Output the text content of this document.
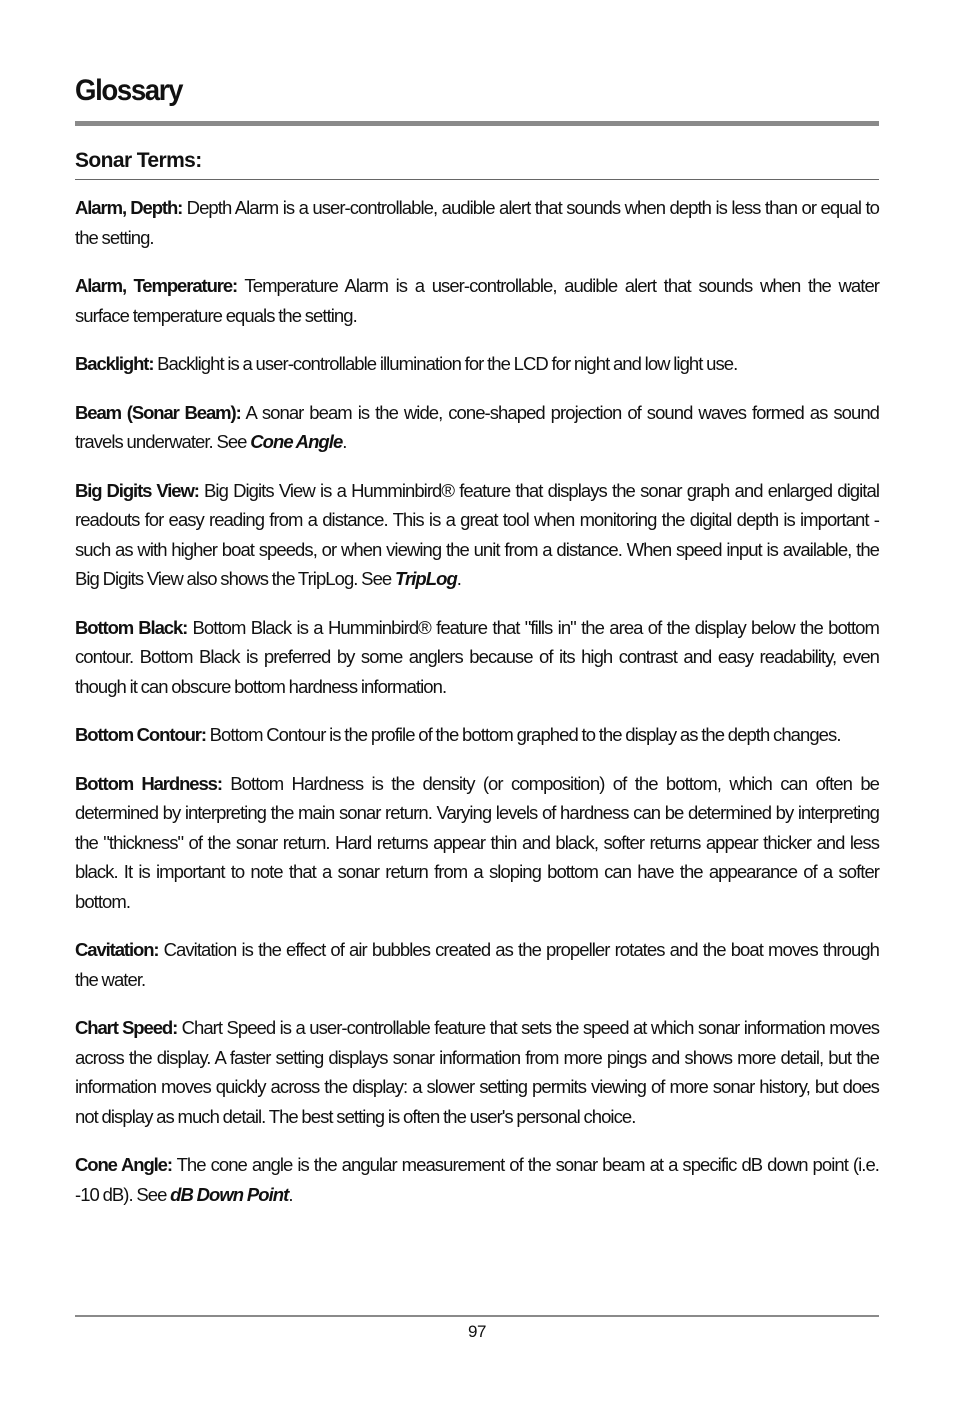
Glossary
Sonar Terms:

Alarm, Depth: Depth Alarm is a user-controllable, audible alert that sounds when depth is less than or equal to the setting.

Alarm, Temperature: Temperature Alarm is a user-controllable, audible alert that sounds when the water surface temperature equals the setting.

Backlight: Backlight is a user-controllable illumination for the LCD for night and low light use.

Beam (Sonar Beam): A sonar beam is the wide, cone-shaped projection of sound waves formed as sound travels underwater. See Cone Angle.

Big Digits View: Big Digits View is a Humminbird® feature that displays the sonar graph and enlarged digital readouts for easy reading from a distance. This is a great tool when monitoring the digital depth is important - such as with higher boat speeds, or when viewing the unit from a distance. When speed input is available, the Big Digits View also shows the TripLog. See TripLog.

Bottom Black: Bottom Black is a Humminbird® feature that "fills in" the area of the display below the bottom contour. Bottom Black is preferred by some anglers because of its high contrast and easy readability, even though it can obscure bottom hardness information.

Bottom Contour: Bottom Contour is the profile of the bottom graphed to the display as the depth changes.

Bottom Hardness: Bottom Hardness is the density (or composition) of the bottom, which can often be determined by interpreting the main sonar return. Varying levels of hardness can be determined by interpreting the "thickness" of the sonar return. Hard returns appear thin and black, softer returns appear thicker and less black. It is important to note that a sonar return from a sloping bottom can have the appearance of a softer bottom.

Cavitation: Cavitation is the effect of air bubbles created as the propeller rotates and the boat moves through the water.

Chart Speed: Chart Speed is a user-controllable feature that sets the speed at which sonar information moves across the display. A faster setting displays sonar information from more pings and shows more detail, but the information moves quickly across the display: a slower setting permits viewing of more sonar history, but does not display as much detail. The best setting is often the user's personal choice.

Cone Angle: The cone angle is the angular measurement of the sonar beam at a specific dB down point (i.e. -10 dB). See dB Down Point.

97
